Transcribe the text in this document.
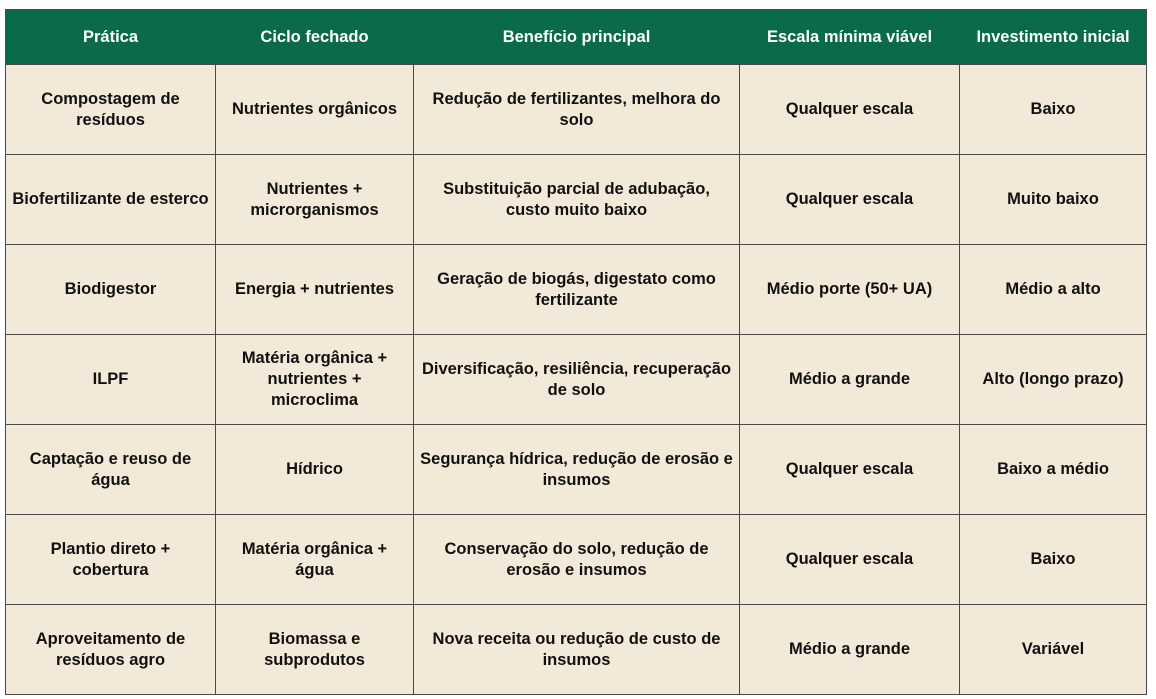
Prática	Ciclo fechado	Benefício principal	Escala mínima viável	Investimento inicial
Compostagem de resíduos	Nutrientes orgânicos	Redução de fertilizantes, melhora do solo	Qualquer escala	Baixo
Biofertilizante de esterco	Nutrientes + microrganismos	Substituição parcial de adubação, custo muito baixo	Qualquer escala	Muito baixo
Biodigestor	Energia + nutrientes	Geração de biogás, digestato como fertilizante	Médio porte (50+ UA)	Médio a alto
ILPF	Matéria orgânica + nutrientes + microclima	Diversificação, resiliência, recuperação de solo	Médio a grande	Alto (longo prazo)
Captação e reuso de água	Hídrico	Segurança hídrica, redução de erosão e insumos	Qualquer escala	Baixo a médio
Plantio direto + cobertura	Matéria orgânica + água	Conservação do solo, redução de erosão e insumos	Qualquer escala	Baixo
Aproveitamento de resíduos agro	Biomassa e subprodutos	Nova receita ou redução de custo de insumos	Médio a grande	Variável
